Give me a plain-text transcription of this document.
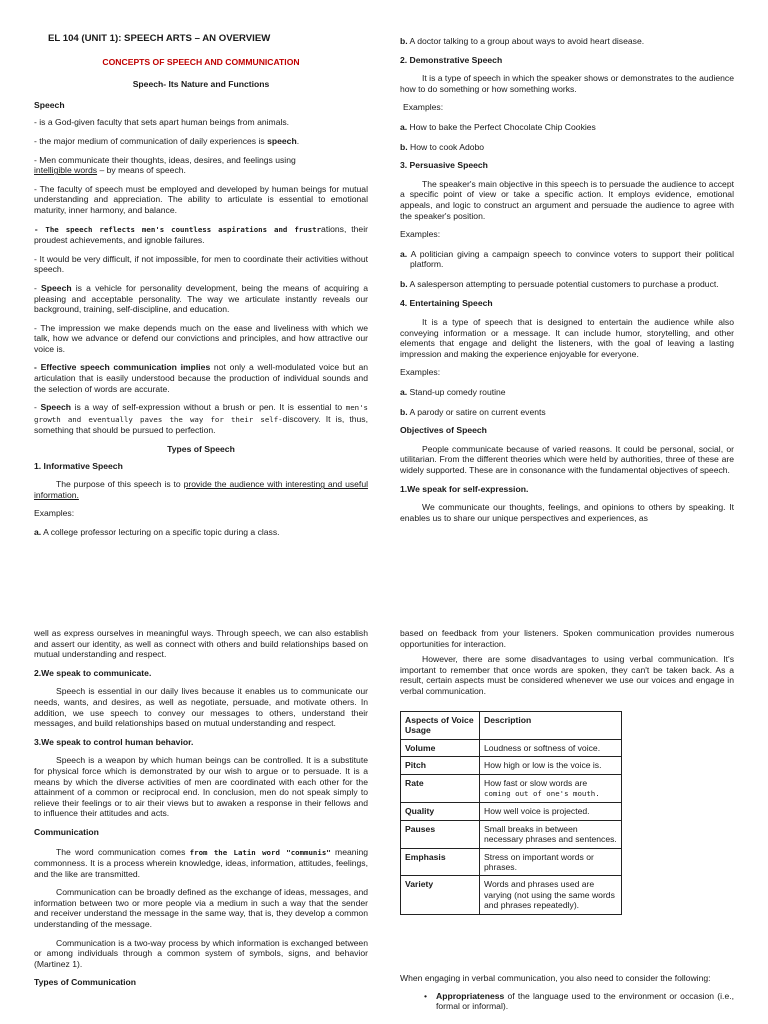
EL 104 (UNIT 1): SPEECH ARTS – AN OVERVIEW

CONCEPTS OF SPEECH AND COMMUNICATION

Speech- Its Nature and Functions

Speech

- is a God-given faculty that sets apart human beings from animals.

- the major medium of communication of daily experiences is speech.

- Men communicate their thoughts, ideas, desires, and feelings using
intelligible words – by means of speech.

- The faculty of speech must be employed and developed by human beings for mutual understanding and appreciation. The ability to articulate is essential to emotional maturity, inner harmony, and balance.

- The speech reflects men's countless aspirations and frustrations, their proudest achievements, and ignoble failures.

- It would be very difficult, if not impossible, for men to coordinate their activities without speech.

- Speech is a vehicle for personality development, being the means of acquiring a pleasing and acceptable personality. The way we articulate instantly reveals our background, training, self-discipline, and education.

- The impression we make depends much on the ease and liveliness with which we talk, how we advance or defend our convictions and principles, and how attractive our voice is.

- Effective speech communication implies not only a well-modulated voice but an articulation that is easily understood because the production of individual sounds and the selection of words are accurate.

- Speech is a way of self-expression without a brush or pen. It is essential to men's growth and eventually paves the way for their self-discovery. It is, thus, something that should be pursued to perfection.

Types of Speech

1. Informative Speech

The purpose of this speech is to provide the audience with interesting and useful information.

Examples:

a. A college professor lecturing on a specific topic during a class.

b. A doctor talking to a group about ways to avoid heart disease.

2. Demonstrative Speech

It is a type of speech in which the speaker shows or demonstrates to the audience how to do something or how something works.

Examples:

a. How to bake the Perfect Chocolate Chip Cookies

b. How to cook Adobo

3. Persuasive Speech

The speaker's main objective in this speech is to persuade the audience to accept a specific point of view or take a specific action. It employs evidence, emotional appeals, and logic to construct an argument and persuade the audience to agree with the speaker's position.

Examples:

a. A politician giving a campaign speech to convince voters to support their political platform.

b. A salesperson attempting to persuade potential customers to purchase a product.

4. Entertaining Speech

It is a type of speech that is designed to entertain the audience while also conveying information or a message. It can include humor, storytelling, and other elements that engage and delight the listeners, with the goal of leaving a lasting impression and making the experience enjoyable for everyone.

Examples:

a. Stand-up comedy routine

b. A parody or satire on current events

Objectives of Speech

People communicate because of varied reasons. It could be personal, social, or utilitarian. From the different theories which were held by authorities, three of these are widely supported. These are in consonance with the fundamental objectives of speech.

1.We speak for self-expression.

We communicate our thoughts, feelings, and opinions to others by speaking. It enables us to share our unique perspectives and experiences, as

well as express ourselves in meaningful ways. Through speech, we can also establish and assert our identity, as well as connect with others and build relationships based on mutual understanding and respect.

2.We speak to communicate.

Speech is essential in our daily lives because it enables us to communicate our needs, wants, and desires, as well as negotiate, persuade, and motivate others. In addition, we use speech to convey our messages to others, understand their messages, and build relationships based on mutual understanding and respect.

3.We speak to control human behavior.

Speech is a weapon by which human beings can be controlled. It is a substitute for physical force which is demonstrated by our wish to argue or to persuade. It is a means by which the diverse activities of men are coordinated with each other for the attainment of a common or reciprocal end. In conclusion, men do not speak simply to relieve their feelings or to air their views but to awaken a response in their fellows and to influence their attitudes and acts.

Communication

The word communication comes from the Latin word "communis" meaning commonness. It is a process wherein knowledge, ideas, information, attitudes, feelings, and the like are transmitted.

Communication can be broadly defined as the exchange of ideas, messages, and information between two or more people via a medium in such a way that the sender and receiver understand the message in the same way, that is, they develop a common understanding of the message.

Communication is a two-way process by which information is exchanged between or among individuals through a common system of symbols, signs, and behavior (Martinez 1).

Types of Communication

based on feedback from your listeners. Spoken communication provides numerous opportunities for interaction.

However, there are some disadvantages to using verbal communication. It's important to remember that once words are spoken, they can't be taken back. As a result, certain aspects must be considered whenever we use our voices and engage in verbal communication.

Aspects of Voice Usage	Description
Volume	Loudness or softness of voice.
Pitch	How high or low is the voice is.
Rate	How fast or slow words are
coming out of one's mouth.
Quality	How well voice is projected.
Pauses	Small breaks in between necessary phrases and sentences.
Emphasis	Stress on important words or phrases.
Variety	Words and phrases used are varying (not using the same words and phrases repeatedly).

When engaging in verbal communication, you also need to consider the following:

• Appropriateness of the language used to the environment or occasion (i.e., formal or informal).
